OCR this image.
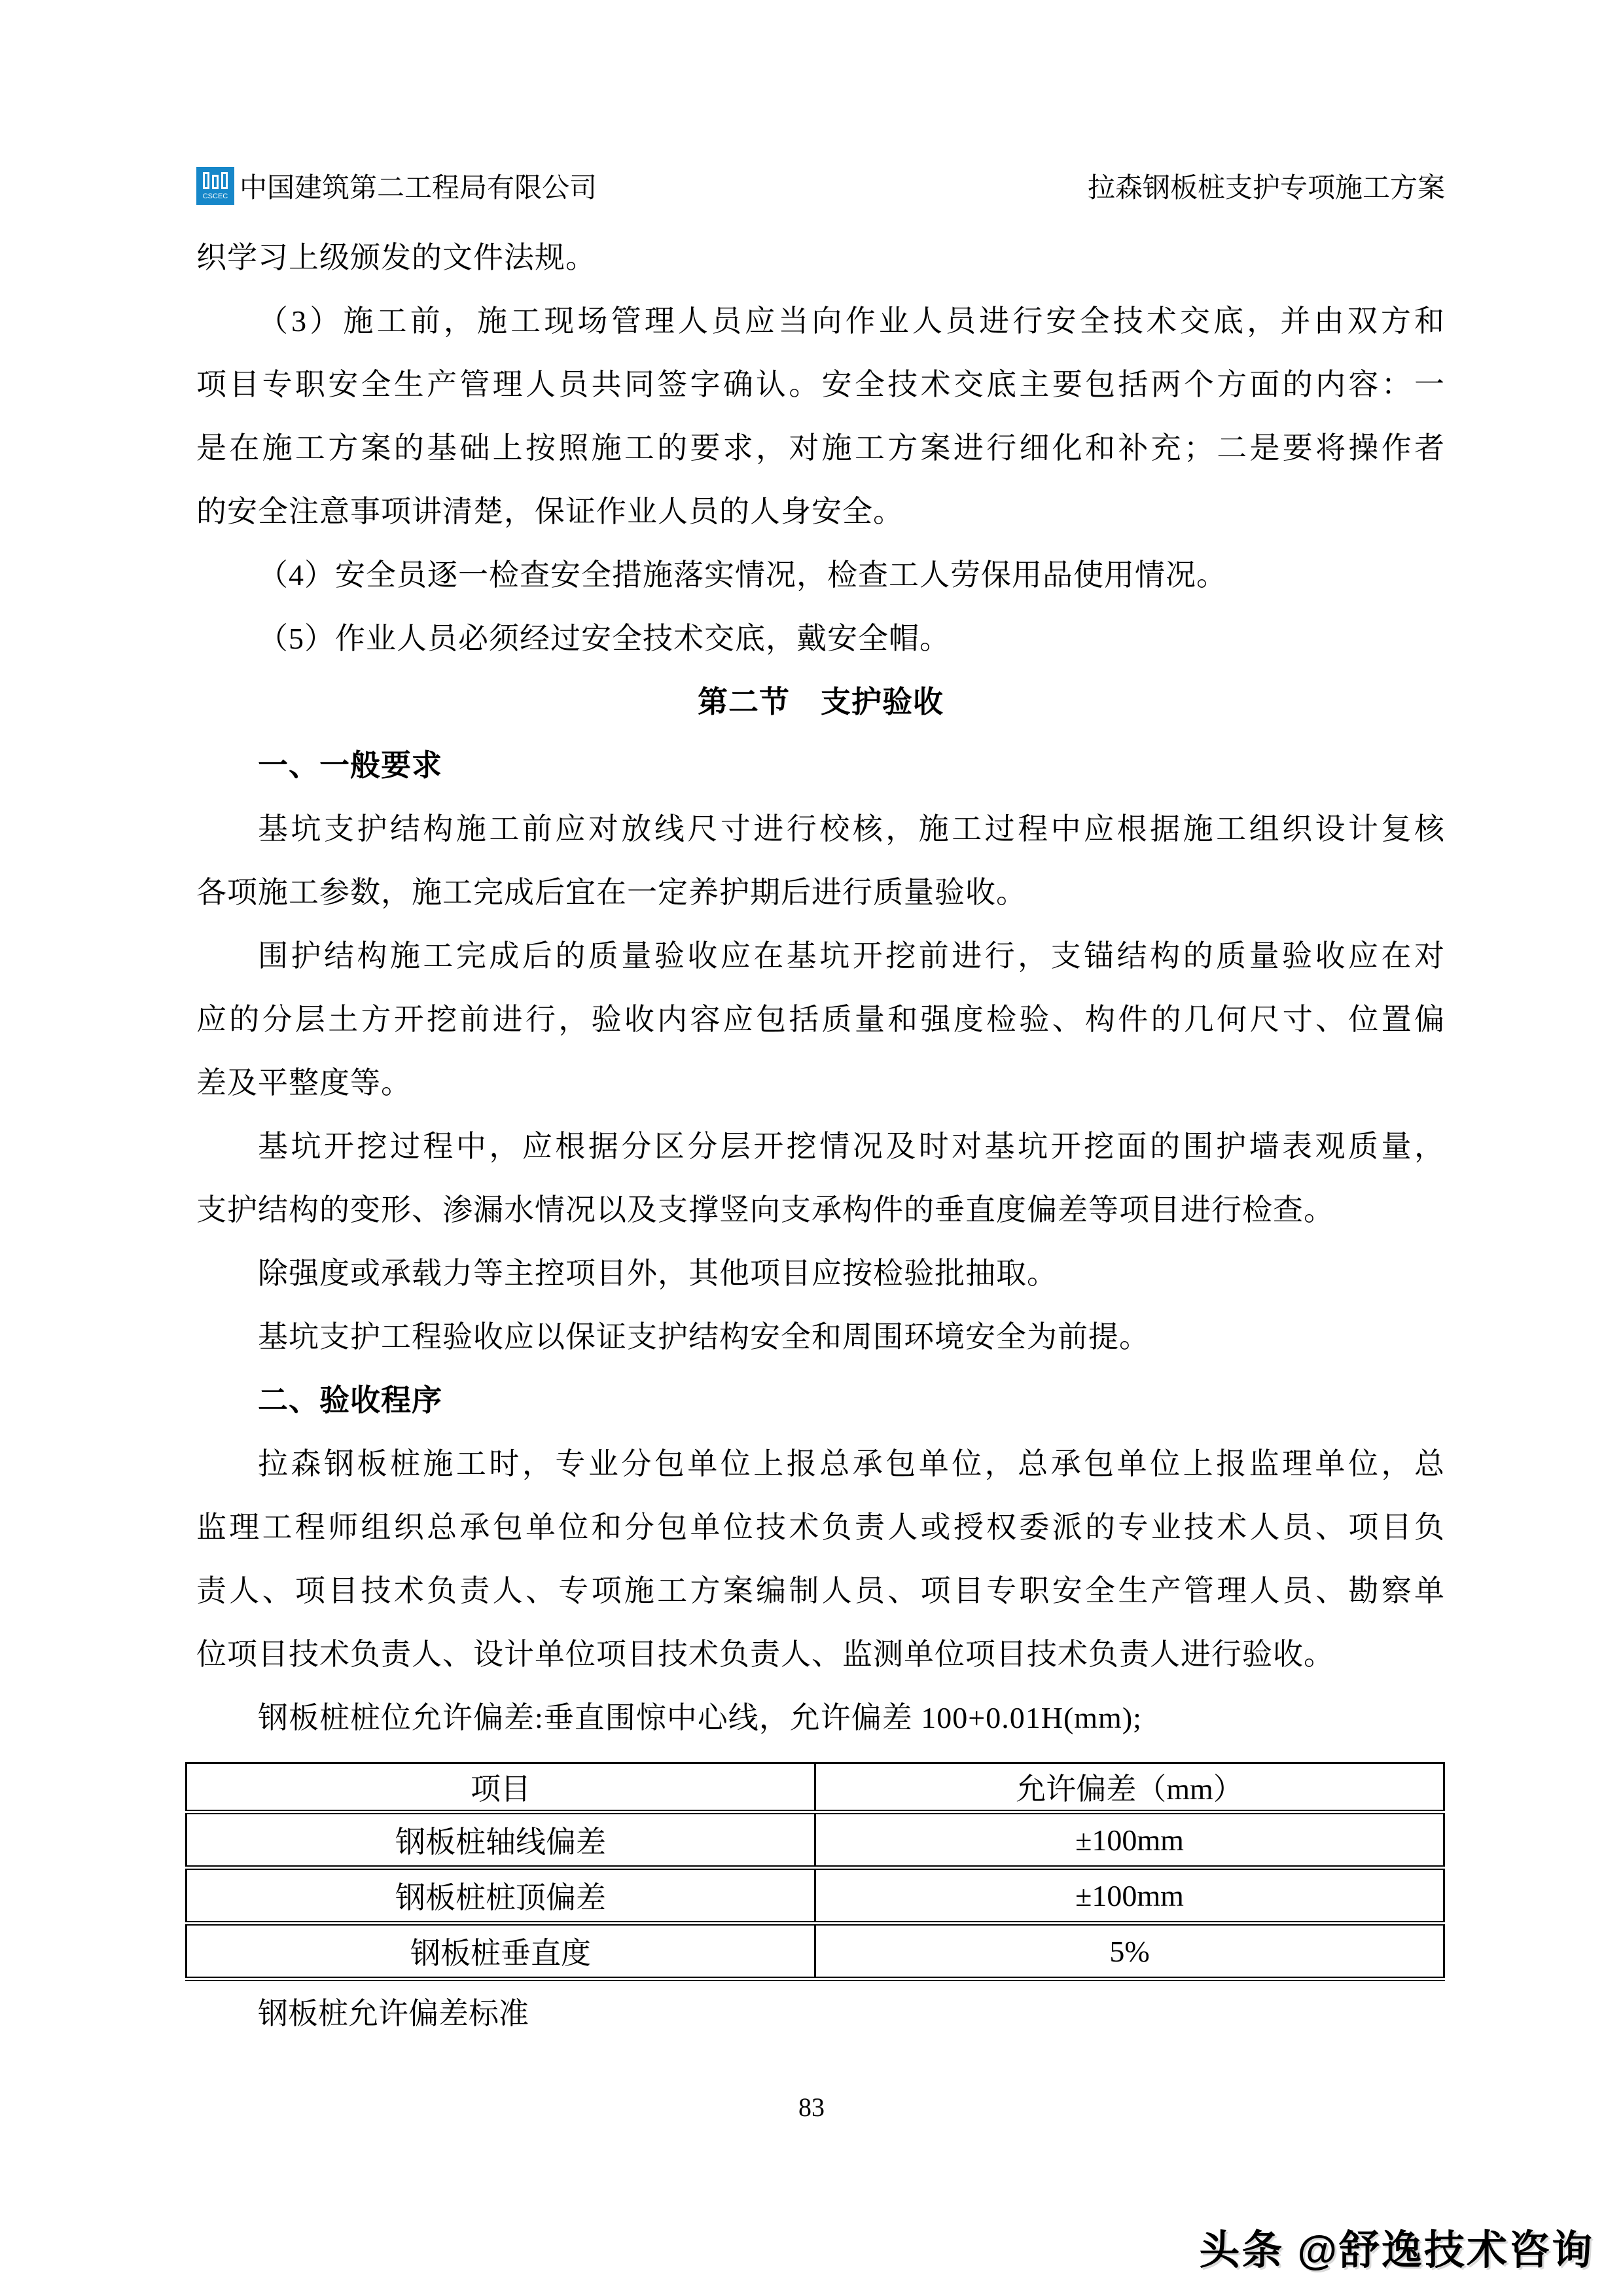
CSCEC 中国建筑第二工程局有限公司	拉森钢板桩支护专项施工方案
织学习上级颁发的文件法规。
（3）施工前，施工现场管理人员应当向作业人员进行安全技术交底，并由双方和
项目专职安全生产管理人员共同签字确认。安全技术交底主要包括两个方面的内容：一
是在施工方案的基础上按照施工的要求，对施工方案进行细化和补充；二是要将操作者
的安全注意事项讲清楚，保证作业人员的人身安全。
（4）安全员逐一检查安全措施落实情况，检查工人劳保用品使用情况。
（5）作业人员必须经过安全技术交底，戴安全帽。
第二节　支护验收
一、一般要求
基坑支护结构施工前应对放线尺寸进行校核，施工过程中应根据施工组织设计复核
各项施工参数，施工完成后宜在一定养护期后进行质量验收。
围护结构施工完成后的质量验收应在基坑开挖前进行，支锚结构的质量验收应在对
应的分层土方开挖前进行，验收内容应包括质量和强度检验、构件的几何尺寸、位置偏
差及平整度等。
基坑开挖过程中，应根据分区分层开挖情况及时对基坑开挖面的围护墙表观质量，
支护结构的变形、渗漏水情况以及支撑竖向支承构件的垂直度偏差等项目进行检查。
除强度或承载力等主控项目外，其他项目应按检验批抽取。
基坑支护工程验收应以保证支护结构安全和周围环境安全为前提。
二、验收程序
拉森钢板桩施工时，专业分包单位上报总承包单位，总承包单位上报监理单位，总
监理工程师组织总承包单位和分包单位技术负责人或授权委派的专业技术人员、项目负
责人、项目技术负责人、专项施工方案编制人员、项目专职安全生产管理人员、勘察单
位项目技术负责人、设计单位项目技术负责人、监测单位项目技术负责人进行验收。
钢板桩桩位允许偏差:垂直围惊中心线，允许偏差 100+0.01H(mm);
项目	允许偏差（mm）
钢板桩轴线偏差	±100mm
钢板桩桩顶偏差	±100mm
钢板桩垂直度	5%
钢板桩允许偏差标准
83
头条 @舒逸技术咨询
